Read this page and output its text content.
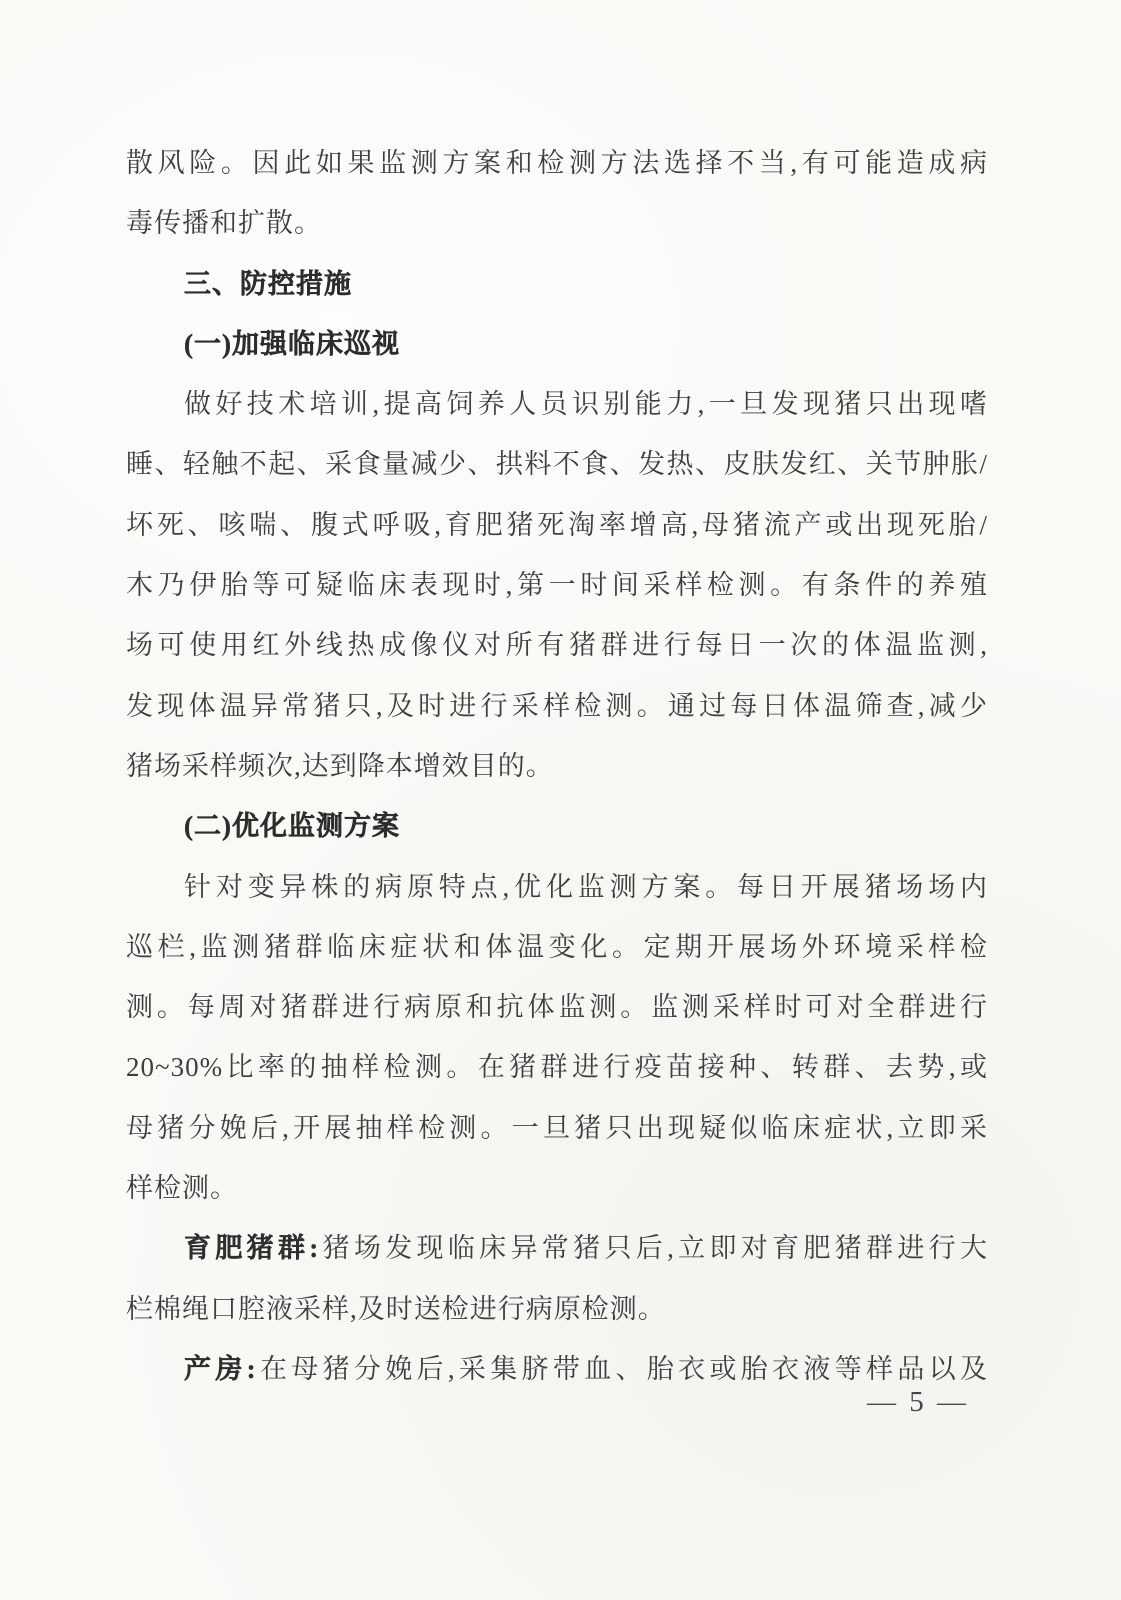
散风险。因此如果监测方案和检测方法选择不当,有可能造成病
毒传播和扩散。
三、防控措施
(一)加强临床巡视
做好技术培训,提高饲养人员识别能力,一旦发现猪只出现嗜
睡、轻触不起、采食量减少、拱料不食、发热、皮肤发红、关节肿胀/
坏死、咳喘、腹式呼吸,育肥猪死淘率增高,母猪流产或出现死胎/
木乃伊胎等可疑临床表现时,第一时间采样检测。有条件的养殖
场可使用红外线热成像仪对所有猪群进行每日一次的体温监测,
发现体温异常猪只,及时进行采样检测。通过每日体温筛查,减少
猪场采样频次,达到降本增效目的。
(二)优化监测方案
针对变异株的病原特点,优化监测方案。每日开展猪场场内
巡栏,监测猪群临床症状和体温变化。定期开展场外环境采样检
测。每周对猪群进行病原和抗体监测。监测采样时可对全群进行
20~30%比率的抽样检测。在猪群进行疫苗接种、转群、去势,或
母猪分娩后,开展抽样检测。一旦猪只出现疑似临床症状,立即采
样检测。
育肥猪群:猪场发现临床异常猪只后,立即对育肥猪群进行大
栏棉绳口腔液采样,及时送检进行病原检测。
产房:在母猪分娩后,采集脐带血、胎衣或胎衣液等样品以及
— 5 —
